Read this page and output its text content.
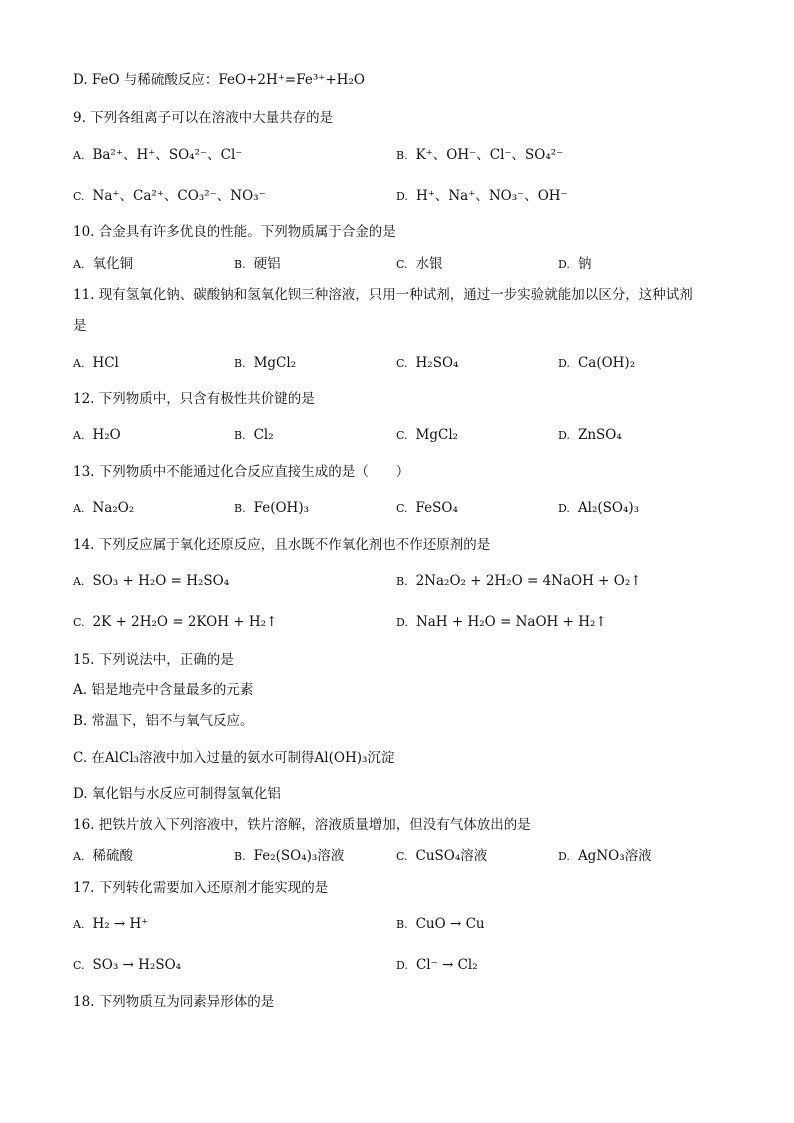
D. FeO 与稀硫酸反应：FeO+2H⁺=Fe³⁺+H₂O
9. 下列各组离子可以在溶液中大量共存的是
A. Ba²⁺、H⁺、SO₄²⁻、Cl⁻	B. K⁺、OH⁻、Cl⁻、SO₄²⁻
C. Na⁺、Ca²⁺、CO₃²⁻、NO₃⁻	D. H⁺、Na⁺、NO₃⁻、OH⁻
10. 合金具有许多优良的性能。下列物质属于合金的是
A. 氧化铜	B. 硬铝	C. 水银	D. 钠
11. 现有氢氧化钠、碳酸钠和氢氧化钡三种溶液，只用一种试剂，通过一步实验就能加以区分，这种试剂
是
A. HCl	B. MgCl₂	C. H₂SO₄	D. Ca(OH)₂
12. 下列物质中，只含有极性共价键的是
A. H₂O	B. Cl₂	C. MgCl₂	D. ZnSO₄
13. 下列物质中不能通过化合反应直接生成的是（　　）
A. Na₂O₂	B. Fe(OH)₃	C. FeSO₄	D. Al₂(SO₄)₃
14. 下列反应属于氧化还原反应，且水既不作氧化剂也不作还原剂的是
A. SO₃ + H₂O = H₂SO₄	B. 2Na₂O₂ + 2H₂O = 4NaOH + O₂↑
C. 2K + 2H₂O = 2KOH + H₂↑	D. NaH + H₂O = NaOH + H₂↑
15. 下列说法中，正确的是
A. 铝是地壳中含量最多的元素
B. 常温下，铝不与氧气反应。
C. 在AlCl₃溶液中加入过量的氨水可制得Al(OH)₃沉淀
D. 氧化铝与水反应可制得氢氧化铝
16. 把铁片放入下列溶液中，铁片溶解，溶液质量增加，但没有气体放出的是
A. 稀硫酸	B. Fe₂(SO₄)₃溶液	C. CuSO₄溶液	D. AgNO₃溶液
17. 下列转化需要加入还原剂才能实现的是
A. H₂ → H⁺	B. CuO → Cu
C. SO₃ → H₂SO₄	D. Cl⁻ → Cl₂
18. 下列物质互为同素异形体的是
